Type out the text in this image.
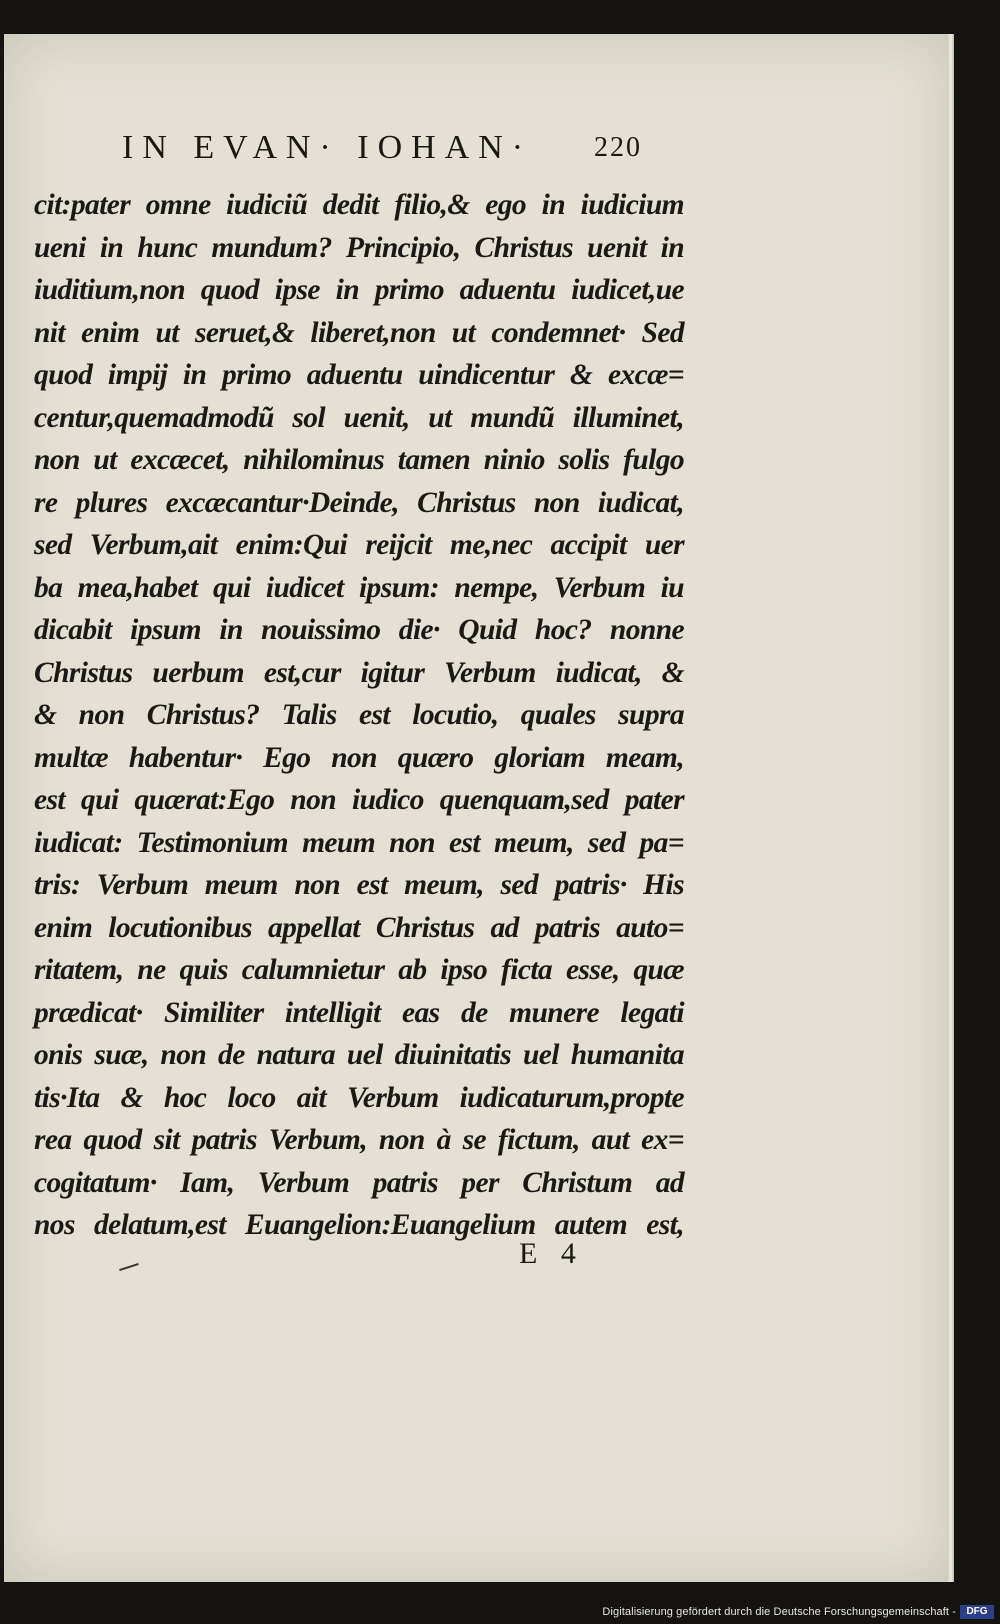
IN EVAN· IOHAN· 220
cit:pater omne iudiciũ dedit filio,& ego in iudicium
ueni in hunc mundum? Principio, Christus uenit in
iuditium,non quod ipse in primo aduentu iudicet,ue
nit enim ut seruet,& liberet,non ut condemnet· Sed
quod impij in primo aduentu uindicentur & excæ=
centur,quemadmodũ sol uenit, ut mundũ illuminet,
non ut excæcet, nihilominus tamen ninio solis fulgo
re plures excæcantur·Deinde, Christus non iudicat,
sed Verbum,ait enim:Qui reijcit me,nec accipit uer
ba mea,habet qui iudicet ipsum: nempe, Verbum iu
dicabit ipsum in nouissimo die· Quid hoc? nonne
Christus uerbum est,cur igitur Verbum iudicat, &
& non Christus? Talis est locutio, quales supra
multæ habentur· Ego non quæro gloriam meam,
est qui quærat:Ego non iudico quenquam,sed pater
iudicat: Testimonium meum non est meum, sed pa=
tris: Verbum meum non est meum, sed patris· His
enim locutionibus appellat Christus ad patris auto=
ritatem, ne quis calumnietur ab ipso ficta esse, quæ
prædicat· Similiter intelligit eas de munere legati
onis suæ, non de natura uel diuinitatis uel humanita
tis·Ita & hoc loco ait Verbum iudicaturum,propte
rea quod sit patris Verbum, non à se fictum, aut ex=
cogitatum· Iam, Verbum patris per Christum ad
nos delatum,est Euangelion:Euangelium autem est,
E 4
Digitalisierung gefördert durch die Deutsche Forschungsgemeinschaft -	DFG
